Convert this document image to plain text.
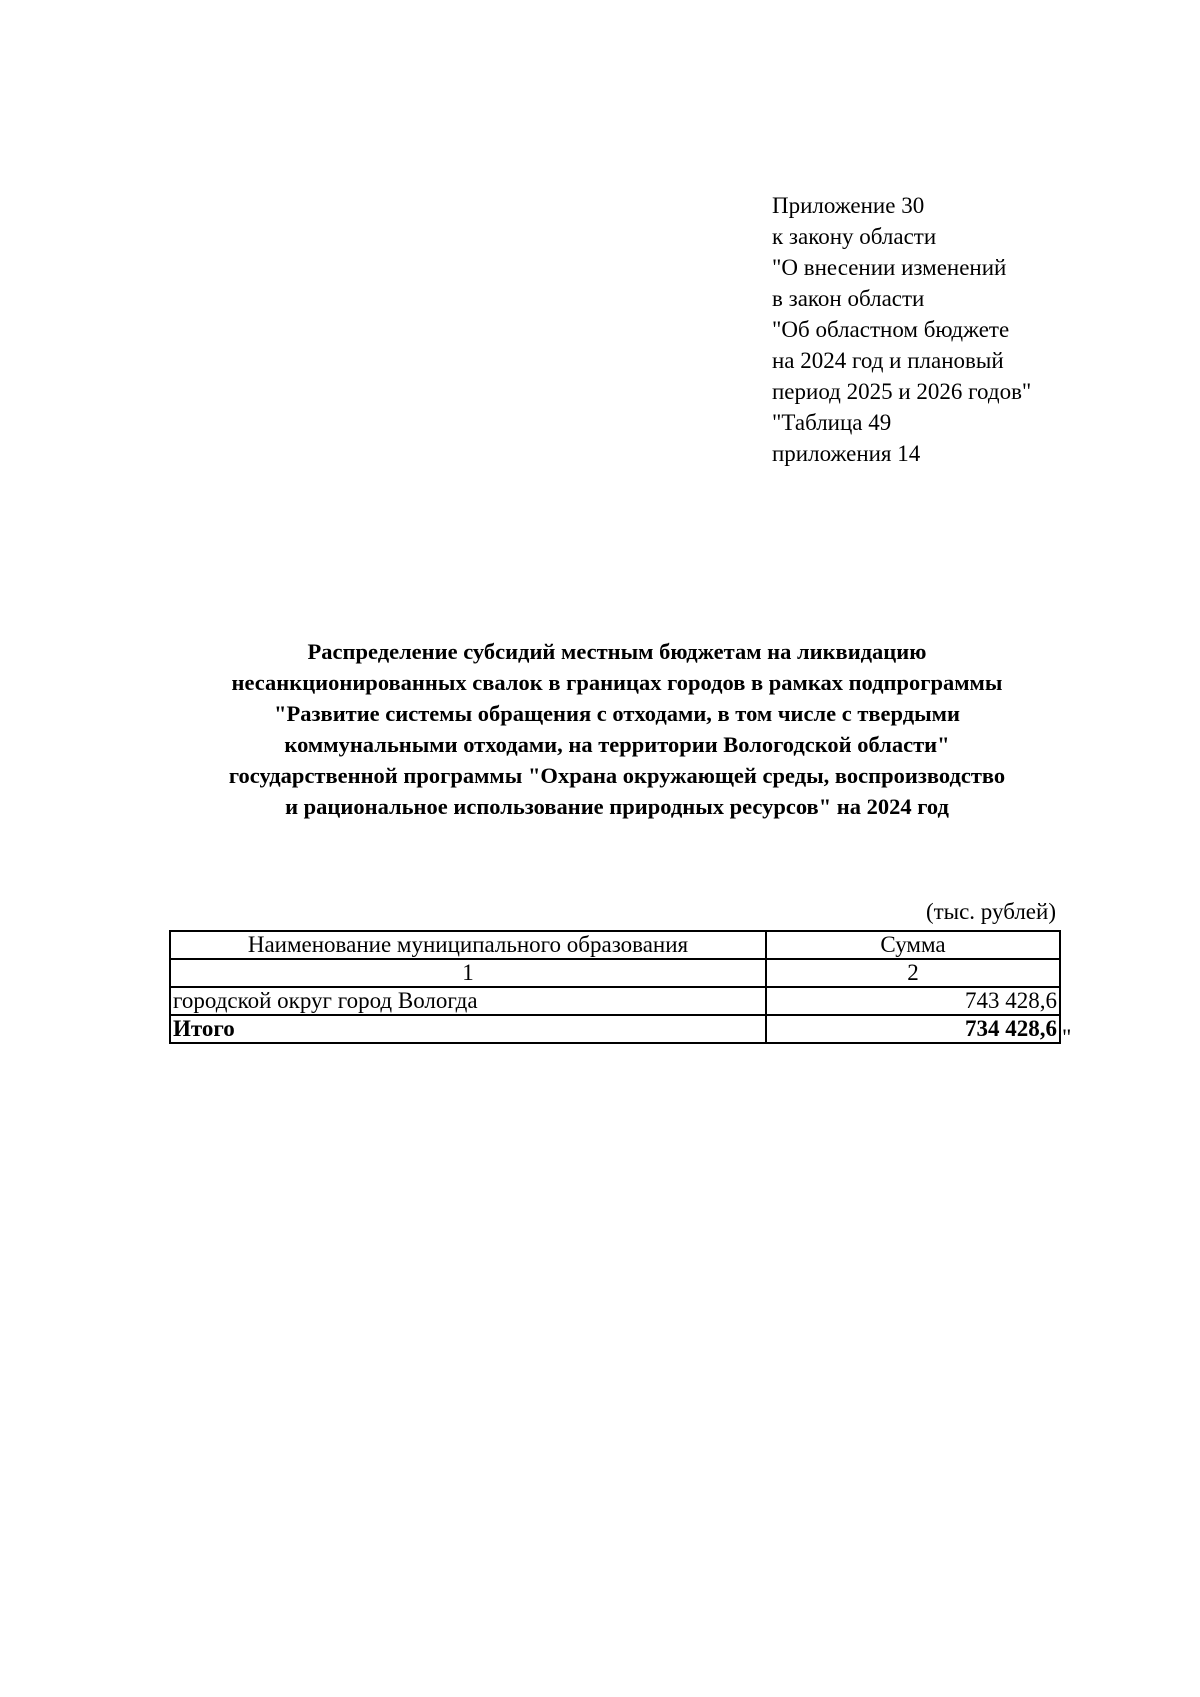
Приложение 30

к закону области

"О внесении изменений

в закон области

"Об областном бюджете

на 2024 год и плановый

период 2025 и 2026 годов"

"Таблица 49

приложения 14

Распределение субсидий местным бюджетам на ликвидацию

несанкционированных свалок в границах городов в рамках подпрограммы

"Развитие системы обращения с отходами, в том числе с твердыми

коммунальными отходами, на территории Вологодской области"

государственной программы "Охрана окружающей среды, воспроизводство

и рациональное использование природных ресурсов" на 2024 год

(тыс. рублей)
Наименование муниципального образования	Сумма
1	2
городской округ город Вологда	743 428,6
Итого	734 428,6 "
